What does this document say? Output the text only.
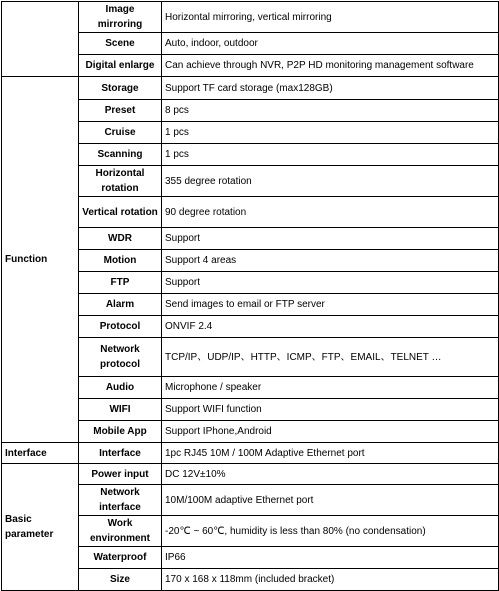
	Image mirroring	Horizontal mirroring, vertical mirroring
	Scene	Auto, indoor, outdoor
	Digital enlarge	Can achieve through NVR, P2P HD monitoring management software
Function	Storage	Support TF card storage (max128GB)
	Preset	8 pcs
	Cruise	1 pcs
	Scanning	1 pcs
	Horizontal rotation	355 degree rotation
	Vertical rotation	90 degree rotation
	WDR	Support
	Motion	Support 4 areas
	FTP	Support
	Alarm	Send images to email or FTP server
	Protocol	ONVIF 2.4
	Network protocol	TCP/IP、UDP/IP、HTTP、ICMP、FTP、EMAIL、TELNET …
	Audio	Microphone / speaker
	WIFI	Support WIFI function
	Mobile App	Support IPhone,Android
Interface	Interface	1pc RJ45 10M / 100M Adaptive Ethernet port
Basic parameter	Power input	DC 12V±10%
	Network interface	10M/100M adaptive Ethernet port
	Work environment	-20℃ ~ 60℃, humidity is less than 80% (no condensation)
	Waterproof	IP66
	Size	170 x 168 x 118mm (included bracket)
